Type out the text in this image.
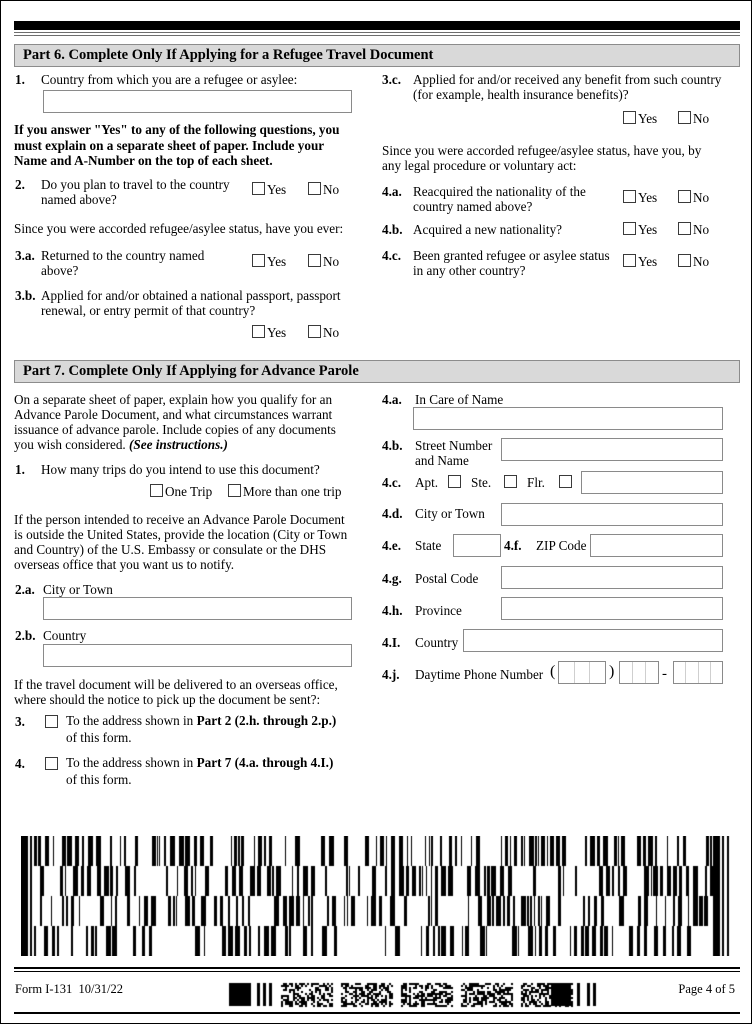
Part 6. Complete Only If Applying for a Refugee Travel Document
1. Country from which you are a refugee or asylee:
If you answer "Yes" to any of the following questions, you must explain on a separate sheet of paper. Include your Name and A-Number on the top of each sheet.
2. Do you plan to travel to the country
named above?
Yes	No
Since you were accorded refugee/asylee status, have you ever:
3.a. Returned to the country named
above?
Yes	No
3.b. Applied for and/or obtained a national passport, passport
renewal, or entry permit of that country?
Yes	No
3.c. Applied for and/or received any benefit from such country
(for example, health insurance benefits)?
Yes	No
Since you were accorded refugee/asylee status, have you, by
any legal procedure or voluntary act:
4.a. Reacquired the nationality of the
country named above?
Yes	No
4.b. Acquired a new nationality?	Yes	No
4.c. Been granted refugee or asylee status
in any other country?
Yes	No
Part 7. Complete Only If Applying for Advance Parole
On a separate sheet of paper, explain how you qualify for an
Advance Parole Document, and what circumstances warrant
issuance of advance parole. Include copies of any documents
you wish considered. (See instructions.)
1. How many trips do you intend to use this document?
One Trip More than one trip
If the person intended to receive an Advance Parole Document
is outside the United States, provide the location (City or Town
and Country) of the U.S. Embassy or consulate or the DHS
overseas office that you want us to notify.
2.a. City or Town
2.b. Country
If the travel document will be delivered to an overseas office,
where should the notice to pick up the document be sent?:
3.	To the address shown in Part 2 (2.h. through 2.p.)
of this form.
4.	To the address shown in Part 7 (4.a. through 4.I.)
of this form.
4.a. In Care of Name
4.b. Street Number
and Name
4.c. Apt. Ste.	Flr.
4.d. City or Town
4.e. State	4.f. ZIP Code
4.g. Postal Code
4.h. Province
4.I. Country
4.j. Daytime Phone Number (	)	-
Form I-131 10/31/22	Page 4 of 5
